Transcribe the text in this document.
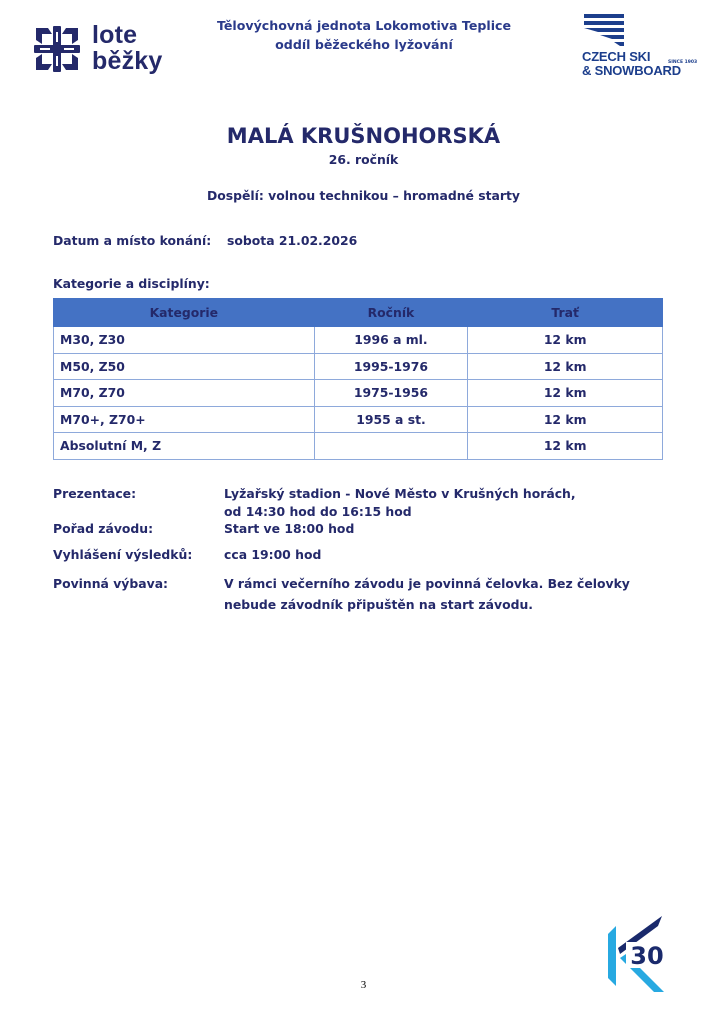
lote
běžky
Tělovýchovná jednota Lokomotiva Teplice
oddíl běžeckého lyžování
CZECH SKI	SINCE 1903
& SNOWBOARD
MALÁ KRUŠNOHORSKÁ
26. ročník
Dospělí: volnou technikou – hromadné starty
Datum a místo konání: sobota 21.02.2026
Kategorie a disciplíny:
Kategorie	Ročník	Trať
M30, Z30	1996 a ml.	12 km
M50, Z50	1995-1976	12 km
M70, Z70	1975-1956	12 km
M70+, Z70+	1955 a st.	12 km
Absolutní M, Z		12 km
Prezentace:	Lyžařský stadion - Nové Město v Krušných horách,
od 14:30 hod do 16:15 hod
Pořad závodu:	Start ve 18:00 hod
Vyhlášení výsledků:	cca 19:00 hod
Povinná výbava:	V rámci večerního závodu je povinná čelovka. Bez čelovky
nebude závodník připuštěn na start závodu.
30
3
